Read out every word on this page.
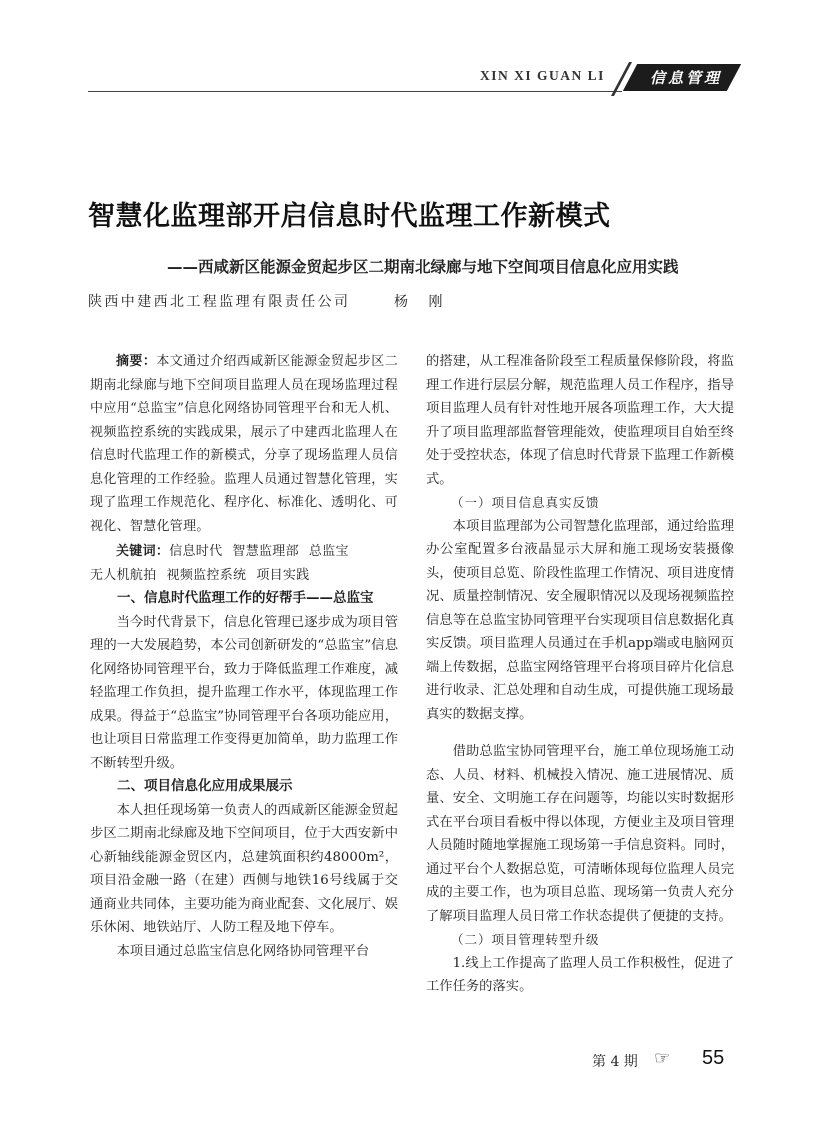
XIN XI GUAN LI	信息管理
智慧化监理部开启信息时代监理工作新模式
——西咸新区能源金贸起步区二期南北绿廊与地下空间项目信息化应用实践
陕西中建西北工程监理有限责任公司	杨 刚

摘要：本文通过介绍西咸新区能源金贸起步区二期南北绿廊与地下空间项目监理人员在现场监理过程中应用“总监宝”信息化网络协同管理平台和无人机、视频监控系统的实践成果，展示了中建西北监理人在信息时代监理工作的新模式，分享了现场监理人员信息化管理的工作经验。监理人员通过智慧化管理，实现了监理工作规范化、程序化、标准化、透明化、可视化、智慧化管理。

关键词：信息时代 智慧监理部 总监宝
无人机航拍 视频监控系统 项目实践

一、信息时代监理工作的好帮手——总监宝

当今时代背景下，信息化管理已逐步成为项目管理的一大发展趋势，本公司创新研发的“总监宝”信息化网络协同管理平台，致力于降低监理工作难度，减轻监理工作负担，提升监理工作水平，体现监理工作成果。得益于“总监宝”协同管理平台各项功能应用，也让项目日常监理工作变得更加简单，助力监理工作不断转型升级。

二、项目信息化应用成果展示

本人担任现场第一负责人的西咸新区能源金贸起步区二期南北绿廊及地下空间项目，位于大西安新中心新轴线能源金贸区内，总建筑面积约48000m²，项目沿金融一路（在建）西侧与地铁16号线属于交通商业共同体，主要功能为商业配套、文化展厅、娱乐休闲、地铁站厅、人防工程及地下停车。

本项目通过总监宝信息化网络协同管理平台

的搭建，从工程准备阶段至工程质量保修阶段，将监理工作进行层层分解，规范监理人员工作程序，指导项目监理人员有针对性地开展各项监理工作，大大提升了项目监理部监督管理能效，使监理项目自始至终处于受控状态，体现了信息时代背景下监理工作新模式。

（一）项目信息真实反馈

本项目监理部为公司智慧化监理部，通过给监理办公室配置多台液晶显示大屏和施工现场安装摄像头，使项目总览、阶段性监理工作情况、项目进度情况、质量控制情况、安全履职情况以及现场视频监控信息等在总监宝协同管理平台实现项目信息数据化真实反馈。项目监理人员通过在手机app端或电脑网页端上传数据，总监宝网络管理平台将项目碎片化信息进行收录、汇总处理和自动生成，可提供施工现场最真实的数据支撑。

借助总监宝协同管理平台，施工单位现场施工动态、人员、材料、机械投入情况、施工进展情况、质量、安全、文明施工存在问题等，均能以实时数据形式在平台项目看板中得以体现，方便业主及项目管理人员随时随地掌握施工现场第一手信息资料。同时，通过平台个人数据总览，可清晰体现每位监理人员完成的主要工作，也为项目总监、现场第一负责人充分了解项目监理人员日常工作状态提供了便捷的支持。

（二）项目管理转型升级

1.线上工作提高了监理人员工作积极性，促进了工作任务的落实。

第 4 期 ☞ 55
